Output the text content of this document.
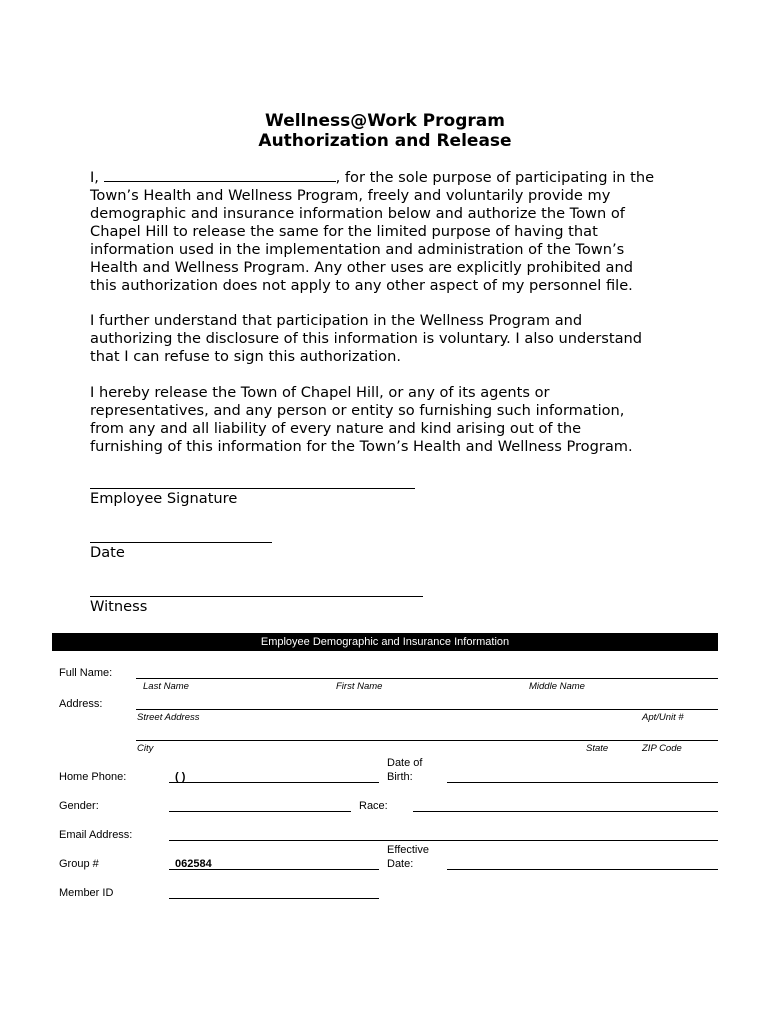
Wellness@Work Program
Authorization and Release
I,	, for the sole purpose of participating in the
Town’s Health and Wellness Program, freely and voluntarily provide my
demographic and insurance information below and authorize the Town of
Chapel Hill to release the same for the limited purpose of having that
information used in the implementation and administration of the Town’s
Health and Wellness Program. Any other uses are explicitly prohibited and
this authorization does not apply to any other aspect of my personnel file.
I further understand that participation in the Wellness Program and
authorizing the disclosure of this information is voluntary. I also understand
that I can refuse to sign this authorization.
I hereby release the Town of Chapel Hill, or any of its agents or
representatives, and any person or entity so furnishing such information,
from any and all liability of every nature and kind arising out of the
furnishing of this information for the Town’s Health and Wellness Program.
Employee Signature
Date
Witness
Employee Demographic and Insurance Information
Full Name:
Last Name	First Name	Middle Name
Address:
Street Address	Apt/Unit #
City	State	ZIP Code
Home Phone:	( )
Date of
Birth:
Gender:	Race:
Email Address:
Group #	062584
Effective
Date:
Member ID
